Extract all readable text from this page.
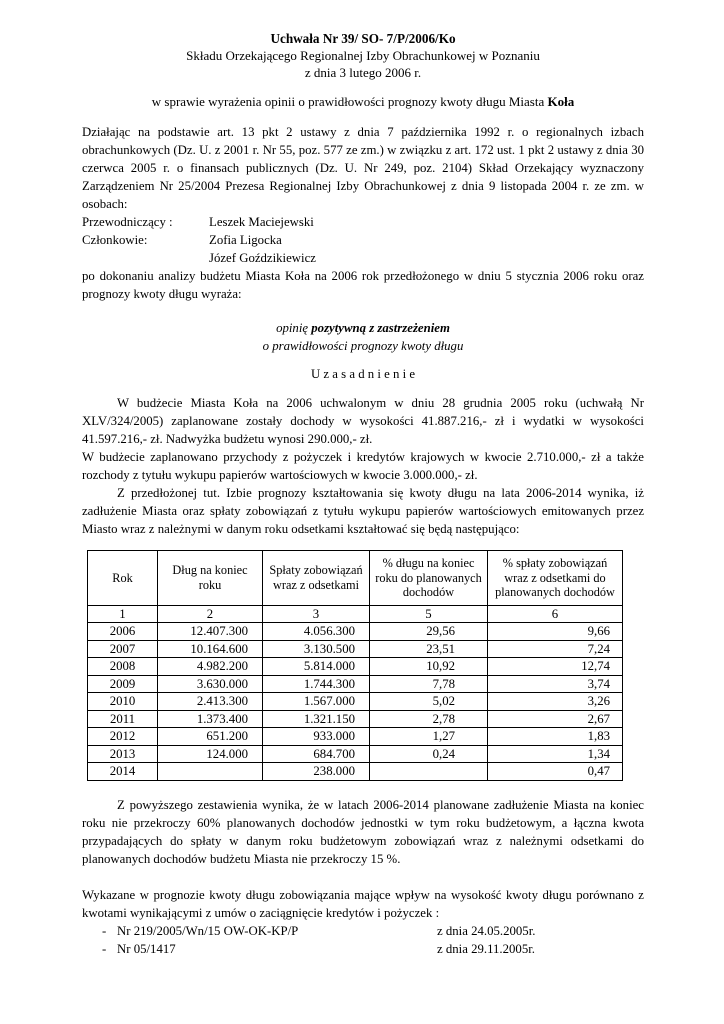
Uchwała Nr 39/ SO- 7/P/2006/Ko
Składu Orzekającego Regionalnej Izby Obrachunkowej w Poznaniu
z dnia 3 lutego 2006 r.
w sprawie wyrażenia opinii o prawidłowości prognozy kwoty długu Miasta Koła

Działając na podstawie art. 13 pkt 2 ustawy z dnia 7 października 1992 r. o regionalnych izbach obrachunkowych (Dz. U. z 2001 r. Nr 55, poz. 577 ze zm.) w związku z art. 172 ust. 1 pkt 2 ustawy z dnia 30 czerwca 2005 r. o finansach publicznych (Dz. U. Nr 249, poz. 2104) Skład Orzekający wyznaczony Zarządzeniem Nr 25/2004 Prezesa Regionalnej Izby Obrachunkowej z dnia 9 listopada 2004 r. ze zm. w osobach:

Przewodniczący :	Leszek Maciejewski
Członkowie:	Zofia Ligocka
Józef Goździkiewicz

po dokonaniu analizy budżetu Miasta Koła na 2006 rok przedłożonego w dniu 5 stycznia 2006 roku oraz prognozy kwoty długu wyraża:

opinię pozytywną z zastrzeżeniem
o prawidłowości prognozy kwoty długu
U z a s a d n i e n i e

W budżecie Miasta Koła na 2006 uchwalonym w dniu 28 grudnia 2005 roku (uchwałą Nr XLV/324/2005) zaplanowane zostały dochody w wysokości 41.887.216,- zł i wydatki w wysokości 41.597.216,- zł. Nadwyżka budżetu wynosi 290.000,- zł.

W budżecie zaplanowano przychody z pożyczek i kredytów krajowych w kwocie 2.710.000,- zł a także rozchody z tytułu wykupu papierów wartościowych w kwocie 3.000.000,- zł.

Z przedłożonej tut. Izbie prognozy kształtowania się kwoty długu na lata 2006-2014 wynika, iż zadłużenie Miasta oraz spłaty zobowiązań z tytułu wykupu papierów wartościowych emitowanych przez Miasto wraz z należnymi w danym roku odsetkami kształtować się będą następująco:

Rok	Dług na koniec roku	Spłaty zobowiązań wraz z odsetkami	% długu na koniec roku do planowanych dochodów	% spłaty zobowiązań wraz z odsetkami do planowanych dochodów
1	2	3	5	6
2006	12.407.300	4.056.300	29,56	9,66
2007	10.164.600	3.130.500	23,51	7,24
2008	4.982.200	5.814.000	10,92	12,74
2009	3.630.000	1.744.300	7,78	3,74
2010	2.413.300	1.567.000	5,02	3,26
2011	1.373.400	1.321.150	2,78	2,67
2012	651.200	933.000	1,27	1,83
2013	124.000	684.700	0,24	1,34
2014		238.000		0,47

Z powyższego zestawienia wynika, że w latach 2006-2014 planowane zadłużenie Miasta na koniec roku nie przekroczy 60% planowanych dochodów jednostki w tym roku budżetowym, a łączna kwota przypadających do spłaty w danym roku budżetowym zobowiązań wraz z należnymi odsetkami do planowanych dochodów budżetu Miasta nie przekroczy 15 %.

Wykazane w prognozie kwoty długu zobowiązania mające wpływ na wysokość kwoty długu porównano z kwotami wynikającymi z umów o zaciągnięcie kredytów i pożyczek :

- Nr 219/2005/Wn/15 OW-OK-KP/P	z dnia 24.05.2005r.
- Nr 05/1417	z dnia 29.11.2005r.
